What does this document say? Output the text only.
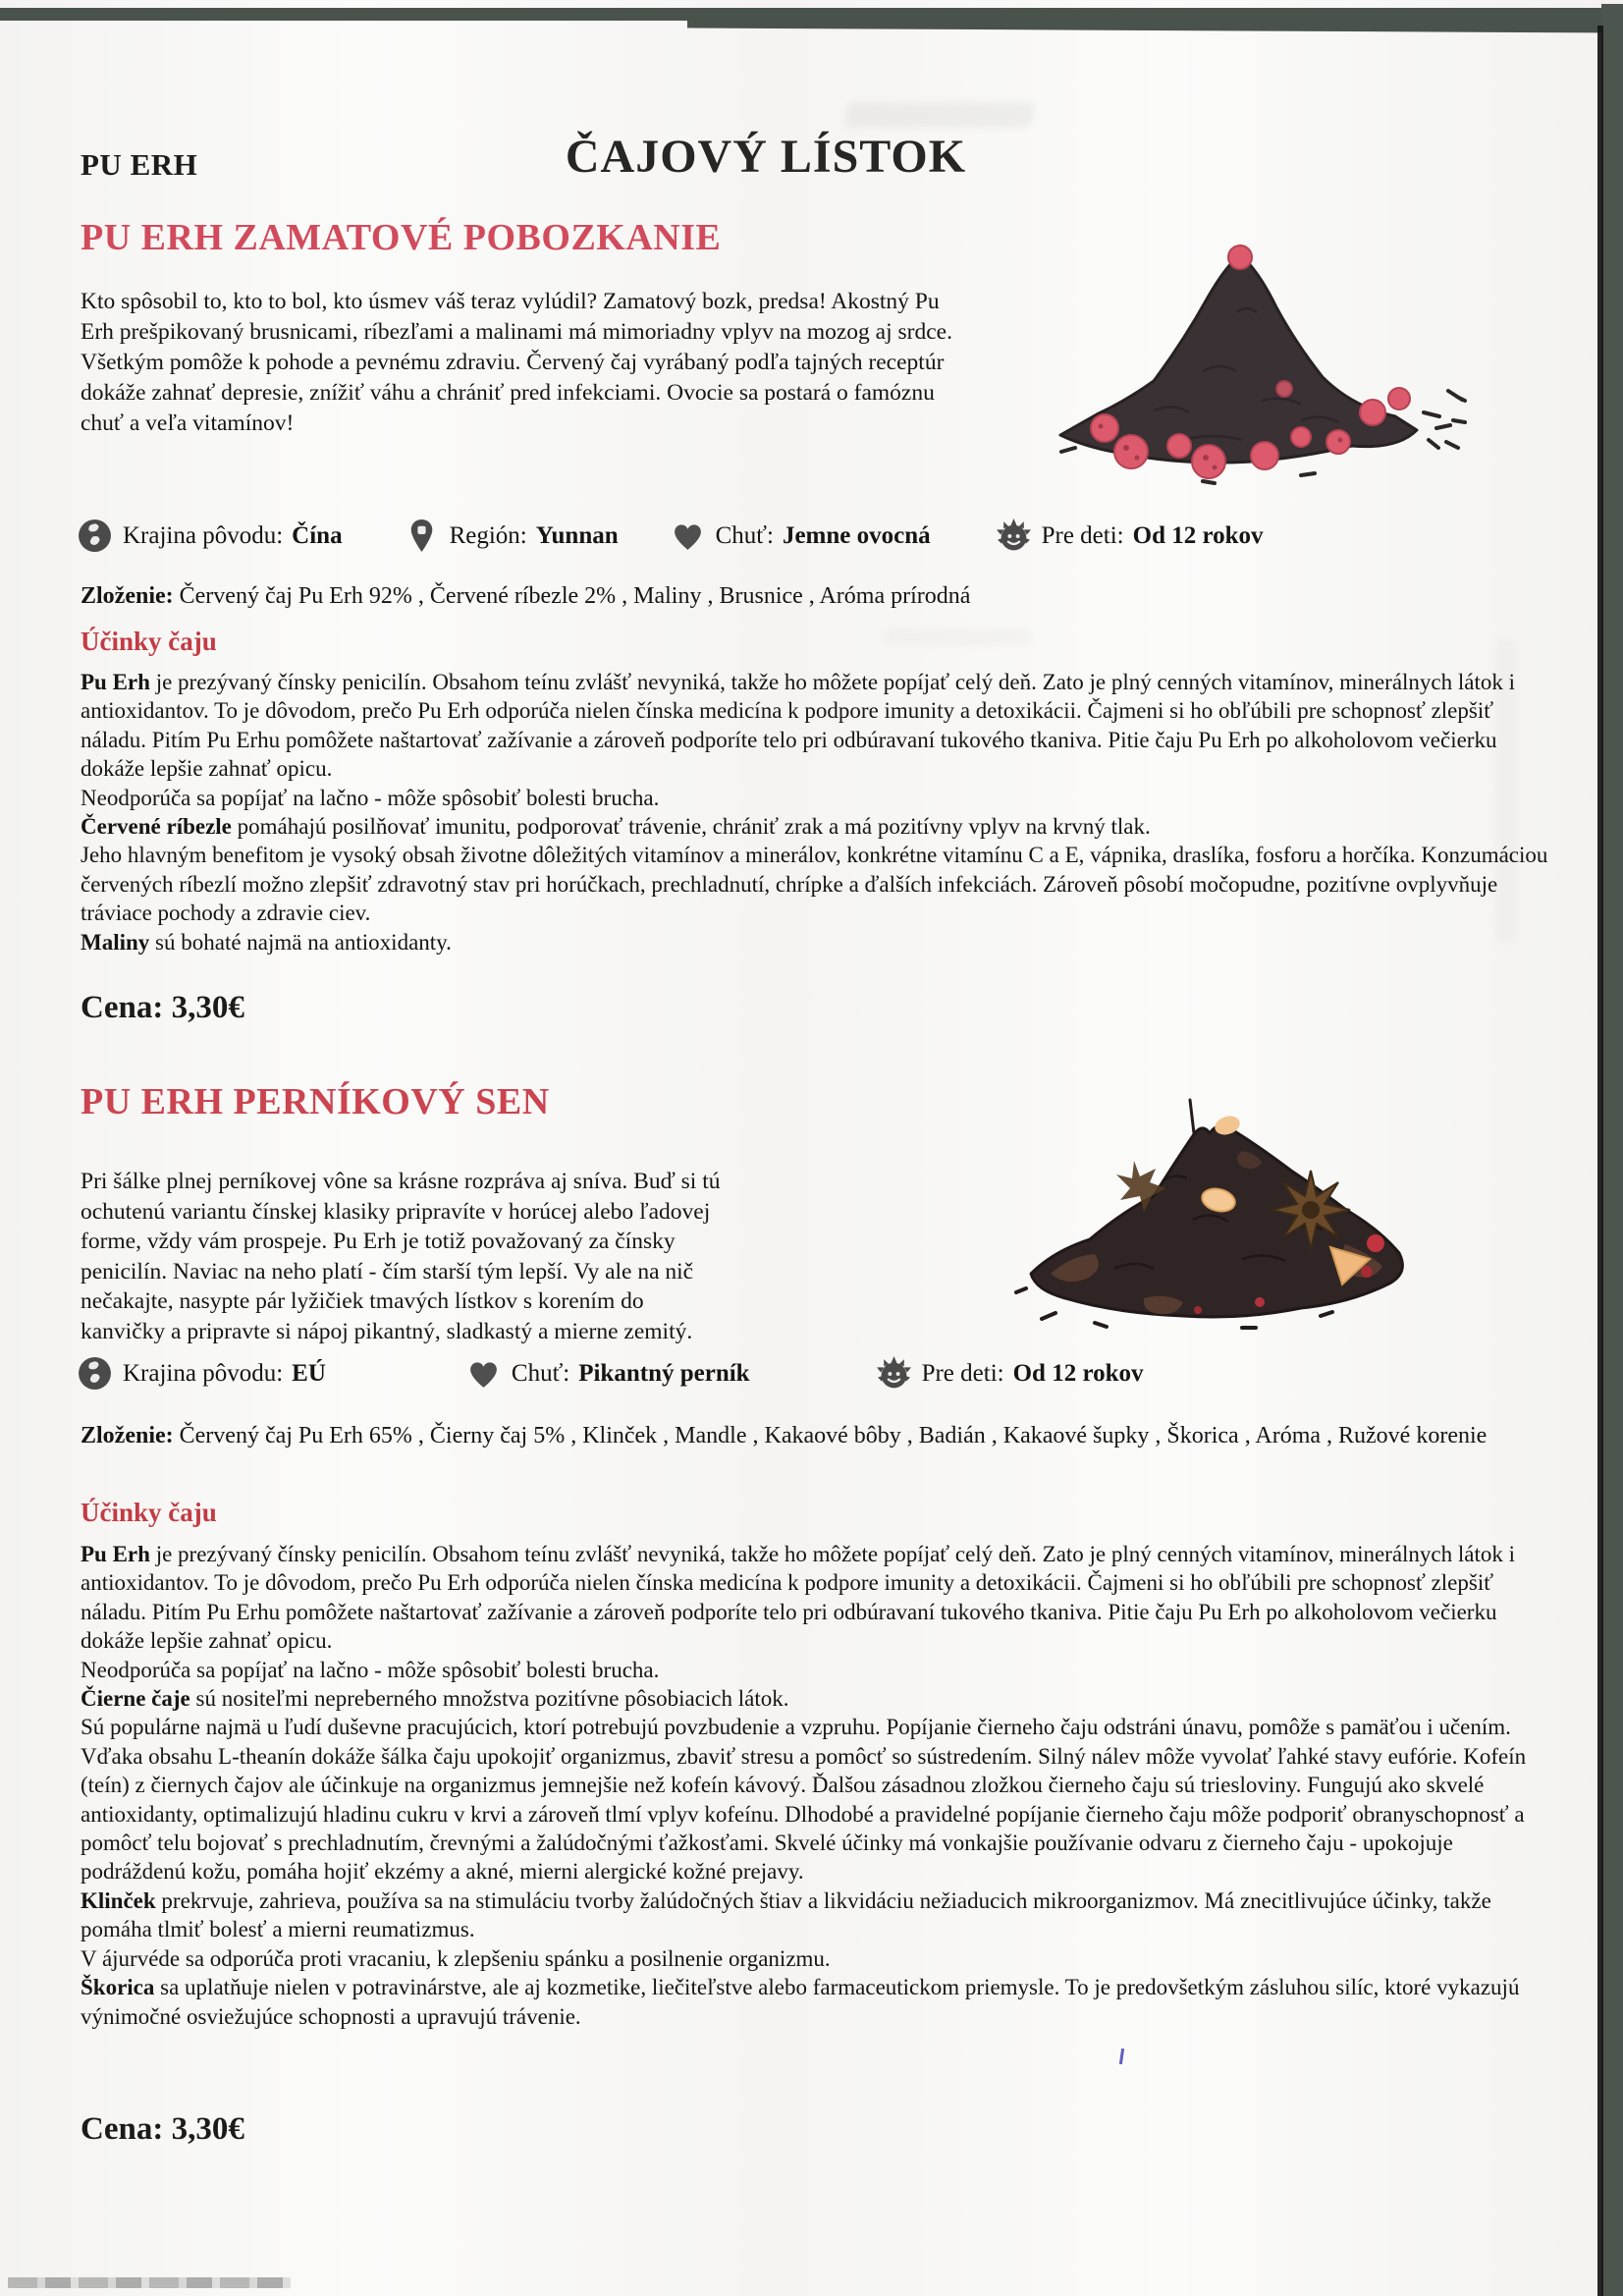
PU ERH	ČAJOVÝ LÍSTOK
PU ERH ZAMATOVÉ POBOZKANIE

Kto spôsobil to, kto to bol, kto úsmev váš teraz vylúdil? Zamatový bozk, predsa! Akostný Pu Erh prešpikovaný brusnicami, ríbezľami a malinami má mimoriadny vplyv na mozog aj srdce. Všetkým pomôže k pohode a pevnému zdraviu. Červený čaj vyrábaný podľa tajných receptúr dokáže zahnať depresie, znížiť váhu a chrániť pred infekciami. Ovocie sa postará o famóznu chuť a veľa vitamínov!

Krajina pôvodu: Čína	Región: Yunnan	Chuť: Jemne ovocná	Pre deti: Od 12 rokov

Zloženie: Červený čaj Pu Erh 92% , Červené ríbezle 2% , Maliny , Brusnice , Aróma prírodná

Účinky čaju
Pu Erh je prezývaný čínsky penicilín. Obsahom teínu zvlášť nevyniká, takže ho môžete popíjať celý deň. Zato je plný cenných vitamínov, minerálnych látok i antioxidantov. To je dôvodom, prečo Pu Erh odporúča nielen čínska medicína k podpore imunity a detoxikácii. Čajmeni si ho obľúbili pre schopnosť zlepšiť náladu. Pitím Pu Erhu pomôžete naštartovať zažívanie a zároveň podporíte telo pri odbúravaní tukového tkaniva. Pitie čaju Pu Erh po alkoholovom večierku dokáže lepšie zahnať opicu.
Neodporúča sa popíjať na lačno - môže spôsobiť bolesti brucha.
Červené ríbezle pomáhajú posilňovať imunitu, podporovať trávenie, chrániť zrak a má pozitívny vplyv na krvný tlak.
Jeho hlavným benefitom je vysoký obsah životne dôležitých vitamínov a minerálov, konkrétne vitamínu C a E, vápnika, draslíka, fosforu a horčíka. Konzumáciou červených ríbezlí možno zlepšiť zdravotný stav pri horúčkach, prechladnutí, chrípke a ďalších infekciách. Zároveň pôsobí močopudne, pozitívne ovplyvňuje tráviace pochody a zdravie ciev.
Maliny sú bohaté najmä na antioxidanty.
Cena: 3,30€
PU ERH PERNÍKOVÝ SEN

Pri šálke plnej perníkovej vône sa krásne rozpráva aj sníva. Buď si tú ochutenú variantu čínskej klasiky pripravíte v horúcej alebo ľadovej forme, vždy vám prospeje. Pu Erh je totiž považovaný za čínsky penicilín. Naviac na neho platí - čím starší tým lepší. Vy ale na nič nečakajte, nasypte pár lyžičiek tmavých lístkov s korením do kanvičky a pripravte si nápoj pikantný, sladkastý a mierne zemitý.

Krajina pôvodu: EÚ	Chuť: Pikantný perník	Pre deti: Od 12 rokov

Zloženie: Červený čaj Pu Erh 65% , Čierny čaj 5% , Klinček , Mandle , Kakaové bôby , Badián , Kakaové šupky , Škorica , Aróma , Ružové korenie

Účinky čaju
Pu Erh je prezývaný čínsky penicilín. Obsahom teínu zvlášť nevyniká, takže ho môžete popíjať celý deň. Zato je plný cenných vitamínov, minerálnych látok i antioxidantov. To je dôvodom, prečo Pu Erh odporúča nielen čínska medicína k podpore imunity a detoxikácii. Čajmeni si ho obľúbili pre schopnosť zlepšiť náladu. Pitím Pu Erhu pomôžete naštartovať zažívanie a zároveň podporíte telo pri odbúravaní tukového tkaniva. Pitie čaju Pu Erh po alkoholovom večierku dokáže lepšie zahnať opicu.
Neodporúča sa popíjať na lačno - môže spôsobiť bolesti brucha.
Čierne čaje sú nositeľmi nepreberného množstva pozitívne pôsobiacich látok.
Sú populárne najmä u ľudí duševne pracujúcich, ktorí potrebujú povzbudenie a vzpruhu. Popíjanie čierneho čaju odstráni únavu, pomôže s pamäťou i učením. Vďaka obsahu L-theanín dokáže šálka čaju upokojiť organizmus, zbaviť stresu a pomôcť so sústredením. Silný nálev môže vyvolať ľahké stavy eufórie. Kofeín (teín) z čiernych čajov ale účinkuje na organizmus jemnejšie než kofeín kávový. Ďalšou zásadnou zložkou čierneho čaju sú triesloviny. Fungujú ako skvelé antioxidanty, optimalizujú hladinu cukru v krvi a zároveň tlmí vplyv kofeínu. Dlhodobé a pravidelné popíjanie čierneho čaju môže podporiť obranyschopnosť a pomôcť telu bojovať s prechladnutím, črevnými a žalúdočnými ťažkosťami. Skvelé účinky má vonkajšie používanie odvaru z čierneho čaju - upokojuje podráždenú kožu, pomáha hojiť ekzémy a akné, mierni alergické kožné prejavy.
Klinček prekrvuje, zahrieva, používa sa na stimuláciu tvorby žalúdočných štiav a likvidáciu nežiaducich mikroorganizmov. Má znecitlivujúce účinky, takže pomáha tlmiť bolesť a mierni reumatizmus.
V ájurvéde sa odporúča proti vracaniu, k zlepšeniu spánku a posilnenie organizmu.
Škorica sa uplatňuje nielen v potravinárstve, ale aj kozmetike, liečiteľstve alebo farmaceutickom priemysle. To je predovšetkým zásluhou silíc, ktoré vykazujú výnimočné osviežujúce schopnosti a upravujú trávenie.
Cena: 3,30€
